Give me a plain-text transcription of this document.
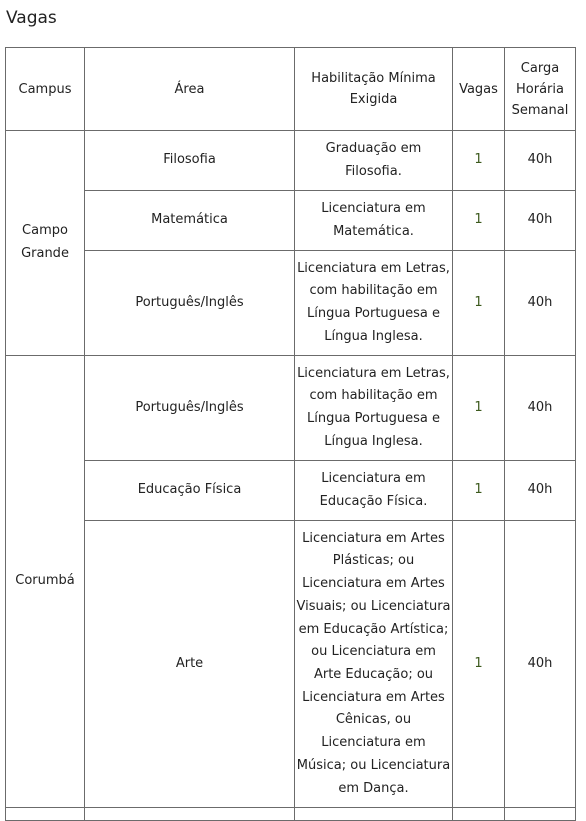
Vagas
Campus	Área	Habilitação Mínima Exigida	Vagas	Carga Horária Semanal
Campo Grande	Filosofia	Graduação em Filosofia.	1	40h
	Matemática	Licenciatura em Matemática.	1	40h
	Português/Inglês	Licenciatura em Letras, com habilitação em Língua Portuguesa e Língua Inglesa.	1	40h
Corumbá	Português/Inglês	Licenciatura em Letras, com habilitação em Língua Portuguesa e Língua Inglesa.	1	40h
	Educação Física	Licenciatura em Educação Física.	1	40h
	Arte	Licenciatura em Artes Plásticas; ou Licenciatura em Artes Visuais; ou Licenciatura em Educação Artística; ou Licenciatura em Arte Educação; ou Licenciatura em Artes Cênicas, ou Licenciatura em Música; ou Licenciatura em Dança.	1	40h
